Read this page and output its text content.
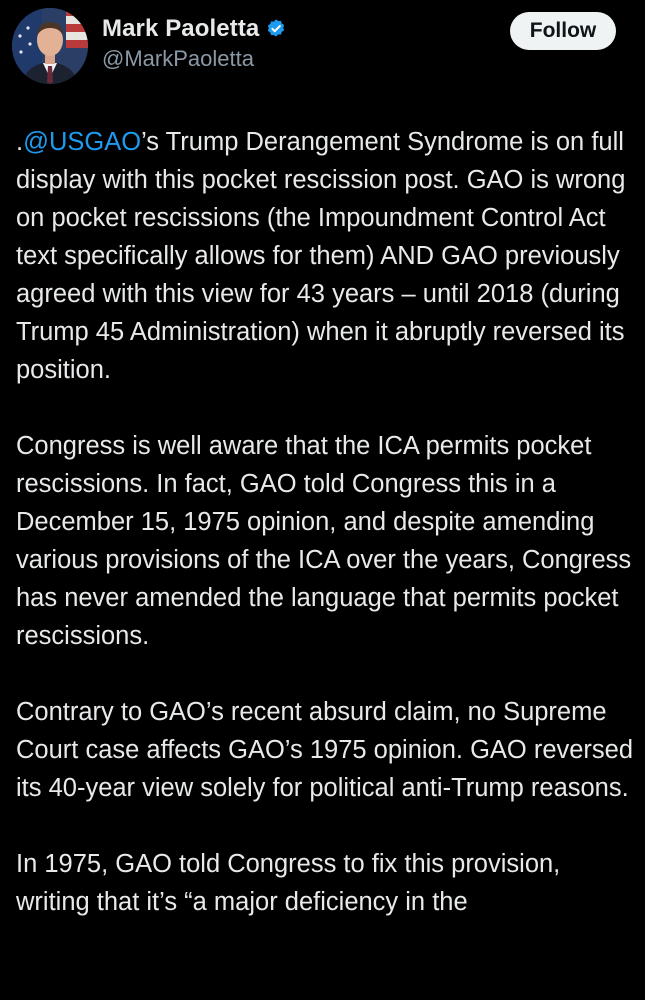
Mark Paoletta
@MarkPaoletta
Follow

.@USGAO’s Trump Derangement Syndrome is on full display with this pocket rescission post. GAO is wrong on pocket rescissions (the Impoundment Control Act text specifically allows for them) AND GAO previously agreed with this view for 43 years – until 2018 (during Trump 45 Administration) when it abruptly reversed its position.

Congress is well aware that the ICA permits pocket rescissions. In fact, GAO told Congress this in a December 15, 1975 opinion, and despite amending various provisions of the ICA over the years, Congress has never amended the language that permits pocket rescissions.

Contrary to GAO’s recent absurd claim, no Supreme Court case affects GAO’s 1975 opinion. GAO reversed its 40-year view solely for political anti-Trump reasons.

In 1975, GAO told Congress to fix this provision, writing that it’s “a major deficiency in the
